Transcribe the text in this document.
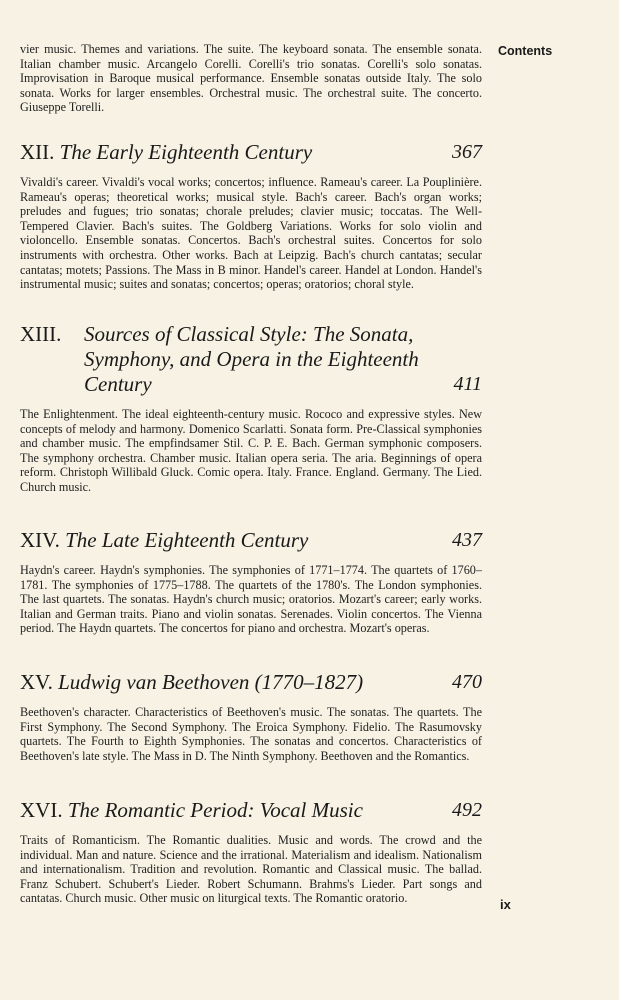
Contents

vier music. Themes and variations. The suite. The keyboard sonata. The ensemble sonata. Italian chamber music. Arcangelo Corelli. Corelli's trio sonatas. Corelli's solo sonatas. Improvisation in Baroque musical performance. Ensemble sonatas outside Italy. The solo sonata. Works for larger ensembles. Orchestral music. The orchestral suite. The concerto. Giuseppe Torelli.

XII. The Early Eighteenth Century	367

Vivaldi's career. Vivaldi's vocal works; concertos; influence. Rameau's career. La Pouplinière. Rameau's operas; theoretical works; musical style. Bach's career. Bach's organ works; preludes and fugues; trio sonatas; chorale preludes; clavier music; toccatas. The Well-Tempered Clavier. Bach's suites. The Goldberg Variations. Works for solo violin and violoncello. Ensemble sonatas. Concertos. Bach's orchestral suites. Concertos for solo instruments with orchestra. Other works. Bach at Leipzig. Bach's church cantatas; secular cantatas; motets; Passions. The Mass in B minor. Handel's career. Handel at London. Handel's instrumental music; suites and sonatas; concertos; operas; oratorios; choral style.

XIII. Sources of Classical Style: The Sonata,
Symphony, and Opera in the Eighteenth
Century	411

The Enlightenment. The ideal eighteenth-century music. Rococo and expressive styles. New concepts of melody and harmony. Domenico Scarlatti. Sonata form. Pre-Classical symphonies and chamber music. The empfindsamer Stil. C. P. E. Bach. German symphonic composers. The symphony orchestra. Chamber music. Italian opera seria. The aria. Beginnings of opera reform. Christoph Willibald Gluck. Comic opera. Italy. France. England. Germany. The Lied. Church music.

XIV. The Late Eighteenth Century	437

Haydn's career. Haydn's symphonies. The symphonies of 1771–1774. The quartets of 1760–1781. The symphonies of 1775–1788. The quartets of the 1780's. The London symphonies. The last quartets. The sonatas. Haydn's church music; oratorios. Mozart's career; early works. Italian and German traits. Piano and violin sonatas. Serenades. Violin concertos. The Vienna period. The Haydn quartets. The concertos for piano and orchestra. Mozart's operas.

XV. Ludwig van Beethoven (1770–1827)	470

Beethoven's character. Characteristics of Beethoven's music. The sonatas. The quartets. The First Symphony. The Second Symphony. The Eroica Symphony. Fidelio. The Rasumovsky quartets. The Fourth to Eighth Symphonies. The sonatas and concertos. Characteristics of Beethoven's late style. The Mass in D. The Ninth Symphony. Beethoven and the Romantics.

XVI. The Romantic Period: Vocal Music	492

Traits of Romanticism. The Romantic dualities. Music and words. The crowd and the individual. Man and nature. Science and the irrational. Materialism and idealism. Nationalism and internationalism. Tradition and revolution. Romantic and Classical music. The ballad. Franz Schubert. Schubert's Lieder. Robert Schumann. Brahms's Lieder. Part songs and cantatas. Church music. Other music on liturgical texts. The Romantic oratorio.	ix
